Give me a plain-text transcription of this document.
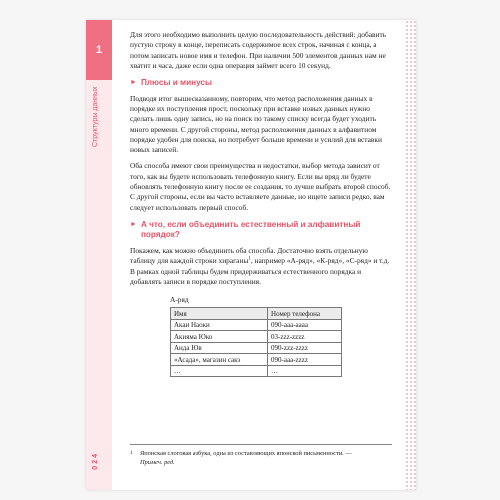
1
Структуры данных
024

Для этого необходимо выполнить целую последовательность действий: добавить пустую строку в конце, переписать содержимое всех строк, начиная с конца, а потом записать новое имя и телефон. При наличии 500 элементов данных нам не хватит и часа, даже если одна операция займет всего 10 секунд.

► Плюсы и минусы

Подводя итог вышесказанному, повторим, что метод расположения данных в порядке их поступления прост, поскольку при вставке новых данных нужно сделать лишь одну запись, но на поиск по такому списку всегда будет уходить много времени. С другой стороны, метод расположения данных в алфавитном порядке удобен для поиска, но потребует больше времени и усилий для вставки новых записей.

Оба способа имеют свои преимущества и недостатки, выбор метода зависит от того, как вы будете использовать телефонную книгу. Если вы вряд ли будете обновлять телефонную книгу после ее создания, то лучше выбрать второй способ. С другой стороны, если вы часто вставляете данные, но ищете записи редко, вам следует использовать первый способ.

► А что, если объединить естественный и алфавитный порядок?

Покажем, как можно объединить оба способа. Достаточно взять отдельную таблицу для каждой строки хираганы$^1$, например «А-ряд», «К-ряд», «С-ряд» и т.д. В рамках одной таблицы будем придерживаться естественного порядка и добавлять записи в порядке поступления.

А-ряд
Имя	Номер телефона
Акаи Наоки	090-aaa-aaaa
Акияма Юко	03-zzz-zzzz
Анда Юв	090-zzz-zzzz
«Асада», магазин сакэ	090-ааа-zzzz
…	…
1	Японская слоговая азбука, одна из составляющих японской письменности. —
Примеч. ред.
